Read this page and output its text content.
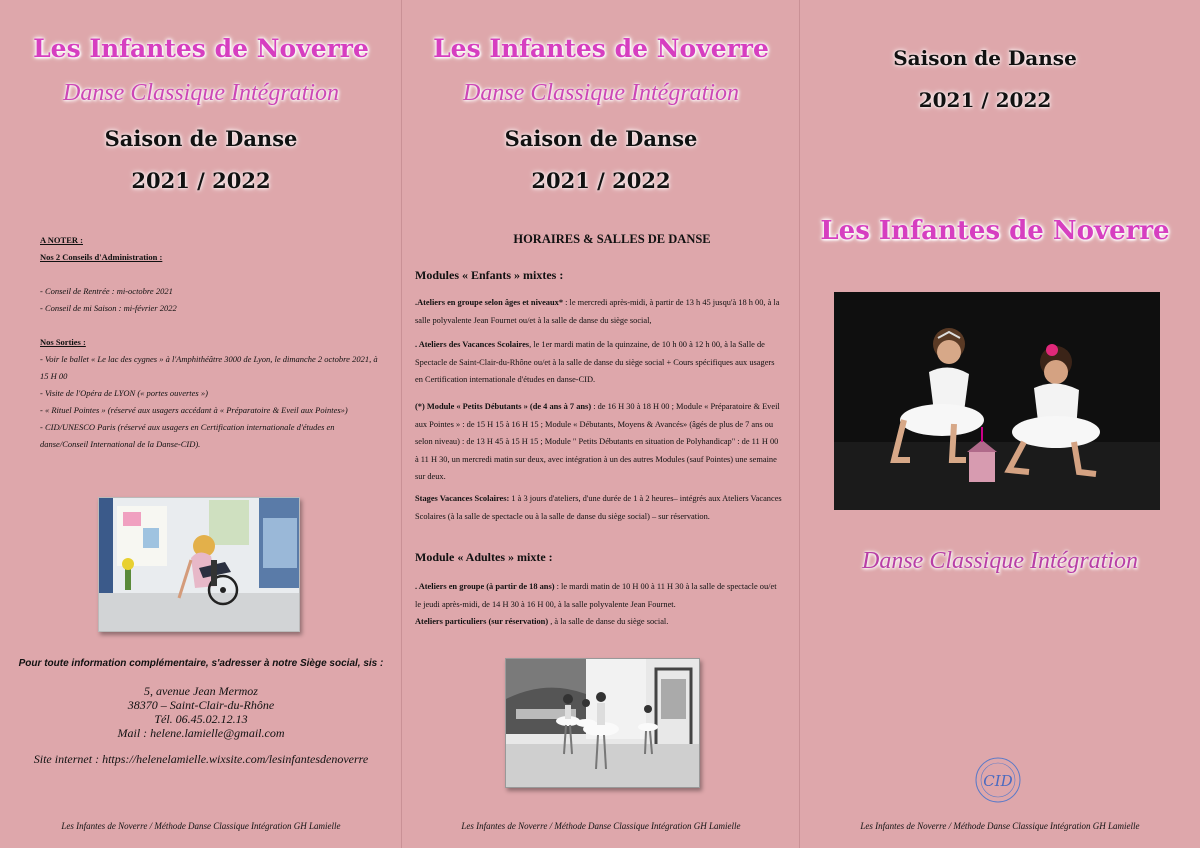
Les Infantes de Noverre
Danse Classique Intégration
Saison de Danse
2021 / 2022
A NOTER :
Nos 2 Conseils d'Administration :
- Conseil de Rentrée : mi-octobre 2021
- Conseil de mi Saison : mi-février 2022
Nos Sorties :
- Voir le ballet « Le lac des cygnes » à l'Amphithéâtre 3000 de Lyon, le dimanche 2 octobre 2021, à 15 H 00
- Visite de l'Opéra de LYON (« portes ouvertes »)
- « Rituel Pointes » (réservé aux usagers accédant à « Préparatoire & Eveil aux Pointes»)
- CID/UNESCO Paris (réservé aux usagers en Certification internationale d'études en danse/Conseil International de la Danse-CID).
Pour toute information complémentaire, s'adresser à notre Siège social, sis :
5, avenue Jean Mermoz
38370 – Saint-Clair-du-Rhône
Tél. 06.45.02.12.13
Mail : helene.lamielle@gmail.com
Site internet : https://helenelamielle.wixsite.com/lesinfantesdenoverre
Les Infantes de Noverre / Méthode Danse Classique Intégration GH Lamielle
Les Infantes de Noverre
Danse Classique Intégration
Saison de Danse
2021 / 2022
HORAIRES & SALLES DE DANSE
Modules « Enfants » mixtes :
.Ateliers en groupe selon âges et niveaux* : le mercredi après-midi, à partir de 13 h 45 jusqu'à 18 h 00, à la salle polyvalente Jean Fournet ou/et à la salle de danse du siège social,
. Ateliers des Vacances Scolaires, le 1er mardi matin de la quinzaine, de 10 h 00 à 12 h 00, à la Salle de Spectacle de Saint-Clair-du-Rhône ou/et à la salle de danse du siège social + Cours spécifiques aux usagers en Certification internationale d'études en danse-CID.
(*) Module « Petits Débutants » (de 4 ans à 7 ans) : de 16 H 30 à 18 H 00 ; Module « Préparatoire & Eveil aux Pointes » : de 15 H 15 à 16 H 15 ; Module « Débutants, Moyens & Avancés» (âgés de plus de 7 ans ou selon niveau) : de 13 H 45 à 15 H 15 ; Module " Petits Débutants en situation de Polyhandicap" : de 11 H 00 à 11 H 30, un mercredi matin sur deux, avec intégration à un des autres Modules (sauf Pointes) une semaine sur deux.
Stages Vacances Scolaires: 1 à 3 jours d'ateliers, d'une durée de 1 à 2 heures– intégrés aux Ateliers Vacances Scolaires (à la salle de spectacle ou à la salle de danse du siège social) – sur réservation.
Module « Adultes » mixte :
. Ateliers en groupe (à partir de 18 ans) : le mardi matin de 10 H 00 à 11 H 30 à la salle de spectacle ou/et le jeudi après-midi, de 14 H 30 à 16 H 00, à la salle polyvalente Jean Fournet.
Ateliers particuliers (sur réservation) , à la salle de danse du siège social.
Les Infantes de Noverre / Méthode Danse Classique Intégration GH Lamielle
Saison de Danse
2021 / 2022
Les Infantes de Noverre
Danse Classique Intégration
CID
Les Infantes de Noverre / Méthode Danse Classique Intégration GH Lamielle
